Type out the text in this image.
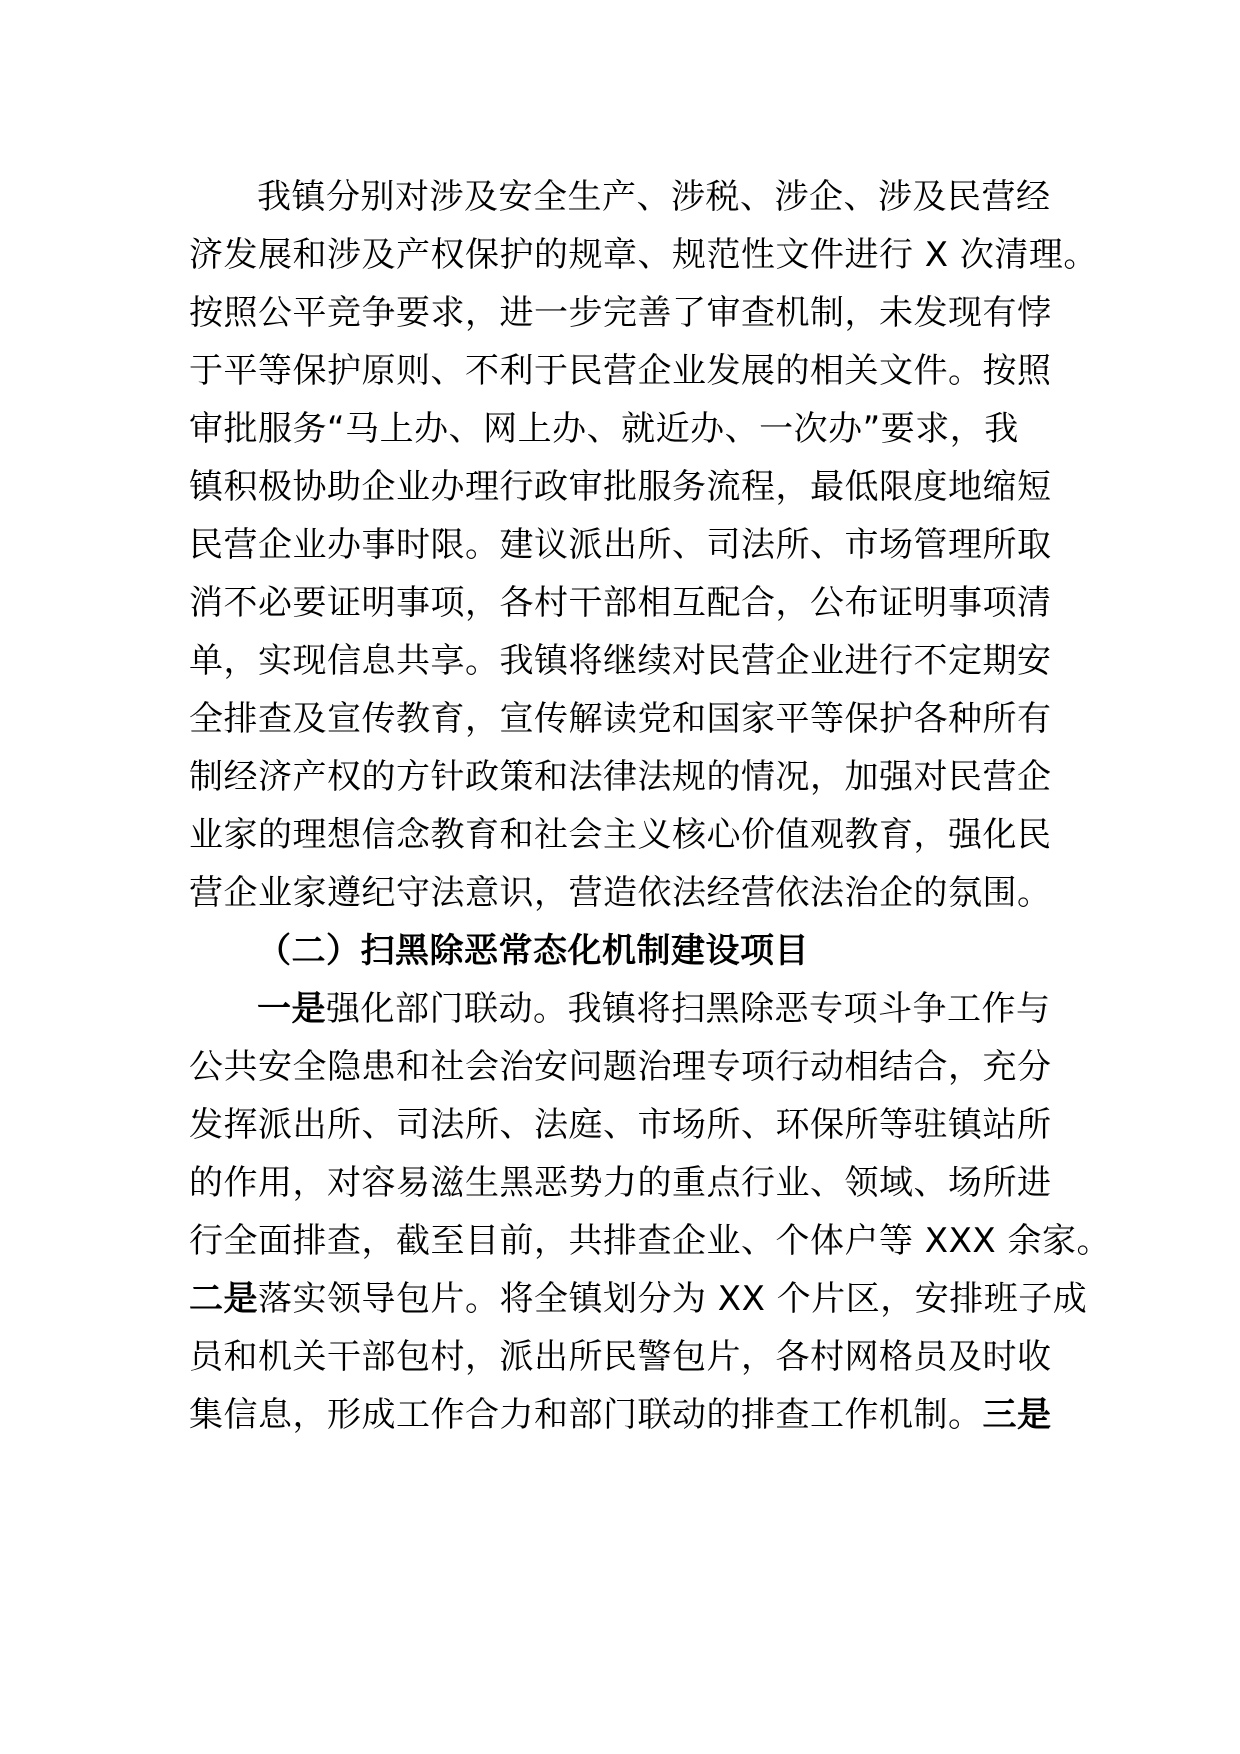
我镇分别对涉及安全生产、涉税、涉企、涉及民营经
济发展和涉及产权保护的规章、规范性文件进行 X 次清理。
按照公平竞争要求，进一步完善了审查机制，未发现有悖
于平等保护原则、不利于民营企业发展的相关文件。按照
审批服务“马上办、网上办、就近办、一次办”要求，我
镇积极协助企业办理行政审批服务流程，最低限度地缩短
民营企业办事时限。建议派出所、司法所、市场管理所取
消不必要证明事项，各村干部相互配合，公布证明事项清
单，实现信息共享。我镇将继续对民营企业进行不定期安
全排查及宣传教育，宣传解读党和国家平等保护各种所有
制经济产权的方针政策和法律法规的情况，加强对民营企
业家的理想信念教育和社会主义核心价值观教育，强化民
营企业家遵纪守法意识，营造依法经营依法治企的氛围。
（二）扫黑除恶常态化机制建设项目
一是强化部门联动。我镇将扫黑除恶专项斗争工作与
公共安全隐患和社会治安问题治理专项行动相结合，充分
发挥派出所、司法所、法庭、市场所、环保所等驻镇站所
的作用，对容易滋生黑恶势力的重点行业、领域、场所进
行全面排查，截至目前，共排查企业、个体户等 XXX 余家。
二是落实领导包片。将全镇划分为 XX 个片区，安排班子成
员和机关干部包村，派出所民警包片，各村网格员及时收
集信息，形成工作合力和部门联动的排查工作机制。三是
